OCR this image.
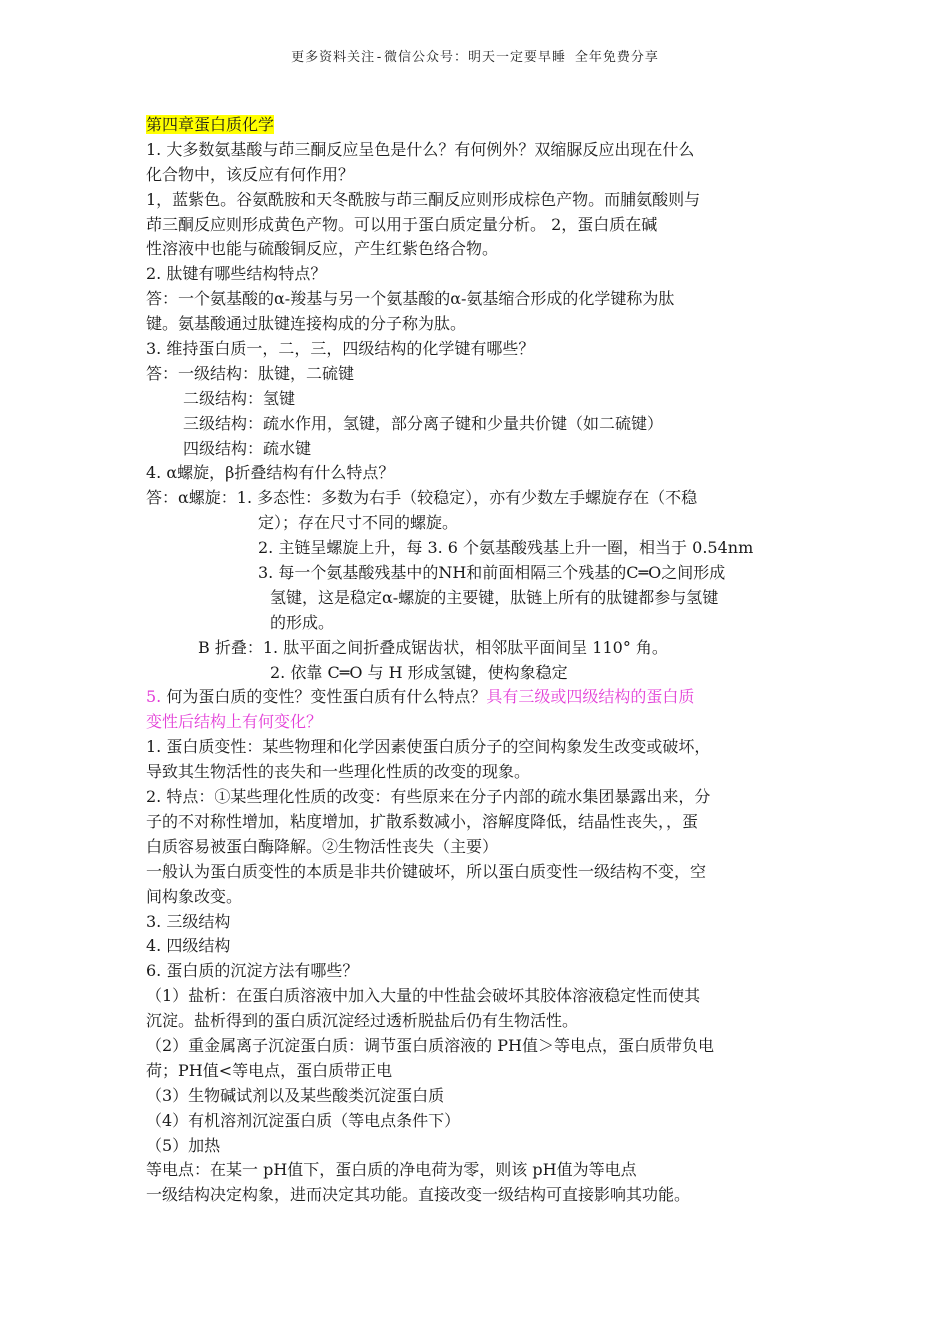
更多资料关注-微信公众号：明天一定要早睡 全年免费分享
第四章蛋白质化学
1. 大多数氨基酸与茚三酮反应呈色是什么？有何例外？双缩脲反应出现在什么
化合物中，该反应有何作用？
1，蓝紫色。谷氨酰胺和天冬酰胺与茚三酮反应则形成棕色产物。而脯氨酸则与
茚三酮反应则形成黄色产物。可以用于蛋白质定量分析。 2，蛋白质在碱
性溶液中也能与硫酸铜反应，产生红紫色络合物。
2. 肽键有哪些结构特点？
答：一个氨基酸的α-羧基与另一个氨基酸的α-氨基缩合形成的化学键称为肽
键。氨基酸通过肽键连接构成的分子称为肽。
3. 维持蛋白质一，二，三，四级结构的化学键有哪些？
答：一级结构：肽键，二硫键
二级结构：氢键
三级结构：疏水作用，氢键，部分离子键和少量共价键（如二硫键）
四级结构：疏水键
4. α螺旋，β折叠结构有什么特点？
答：α螺旋：1. 多态性：多数为右手（较稳定），亦有少数左手螺旋存在（不稳
定）；存在尺寸不同的螺旋。
2. 主链呈螺旋上升，每 3. 6 个氨基酸残基上升一圈，相当于 0.54nm
3. 每一个氨基酸残基中的NH和前面相隔三个残基的C═O之间形成
氢键，这是稳定α-螺旋的主要键，肽链上所有的肽键都参与氢键
的形成。
Β 折叠：1. 肽平面之间折叠成锯齿状，相邻肽平面间呈 110° 角。
2. 依靠 C═O 与 H 形成氢键，使构象稳定
5. 何为蛋白质的变性？变性蛋白质有什么特点？具有三级或四级结构的蛋白质
变性后结构上有何变化？
1. 蛋白质变性：某些物理和化学因素使蛋白质分子的空间构象发生改变或破坏，
导致其生物活性的丧失和一些理化性质的改变的现象。
2. 特点：①某些理化性质的改变：有些原来在分子内部的疏水集团暴露出来，分
子的不对称性增加，粘度增加，扩散系数减小，溶解度降低，结晶性丧失，，蛋
白质容易被蛋白酶降解。②生物活性丧失（主要）
一般认为蛋白质变性的本质是非共价键破坏，所以蛋白质变性一级结构不变，空
间构象改变。
3. 三级结构
4. 四级结构
6. 蛋白质的沉淀方法有哪些？
（1）盐析：在蛋白质溶液中加入大量的中性盐会破坏其胶体溶液稳定性而使其
沉淀。盐析得到的蛋白质沉淀经过透析脱盐后仍有生物活性。
（2）重金属离子沉淀蛋白质：调节蛋白质溶液的 PH值＞等电点，蛋白质带负电
荷；PH值<等电点，蛋白质带正电
（3）生物碱试剂以及某些酸类沉淀蛋白质
（4）有机溶剂沉淀蛋白质（等电点条件下）
（5）加热
等电点：在某一 pH值下，蛋白质的净电荷为零，则该 pH值为等电点
一级结构决定构象，进而决定其功能。直接改变一级结构可直接影响其功能。
